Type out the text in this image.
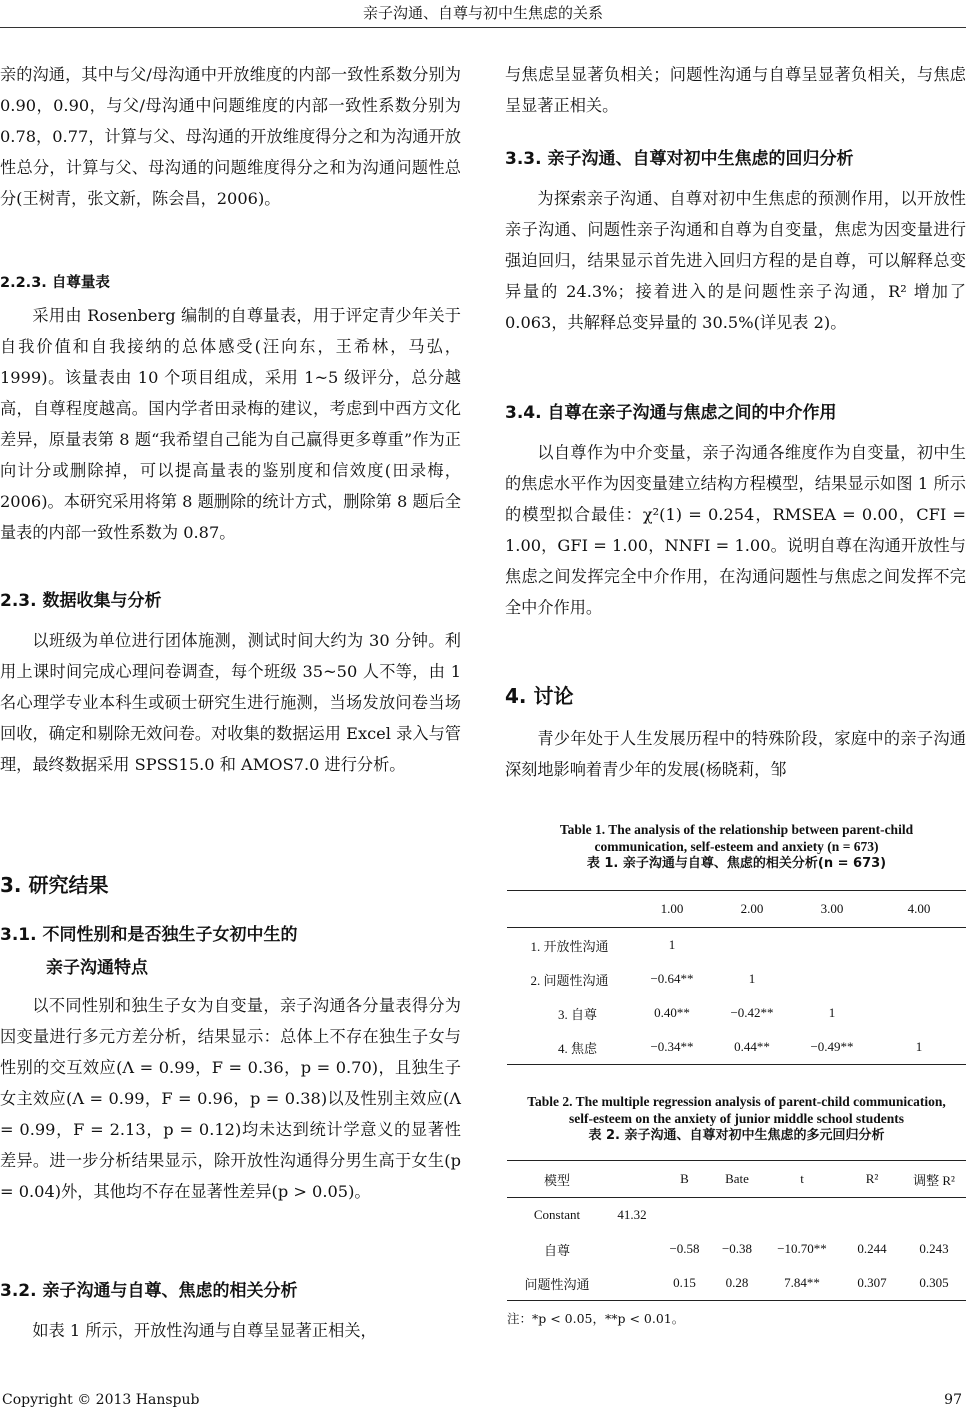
亲子沟通、自尊与初中生焦虑的关系

亲的沟通，其中与父/母沟通中开放维度的内部一致性系数分别为 0.90，0.90，与父/母沟通中问题维度的内部一致性系数分别为 0.78，0.77，计算与父、母沟通的开放维度得分之和为沟通开放性总分，计算与父、母沟通的问题维度得分之和为沟通问题性总分(王树青，张文新，陈会昌，2006)。

2.2.3. 自尊量表

采用由 Rosenberg 编制的自尊量表，用于评定青少年关于自我价值和自我接纳的总体感受(汪向东，王希林，马弘，1999)。该量表由 10 个项目组成，采用 1~5 级评分，总分越高，自尊程度越高。国内学者田录梅的建议，考虑到中西方文化差异，原量表第 8 题“我希望自己能为自己赢得更多尊重”作为正向计分或删除掉，可以提高量表的鉴别度和信效度(田录梅，2006)。本研究采用将第 8 题删除的统计方式，删除第 8 题后全量表的内部一致性系数为 0.87。

2.3. 数据收集与分析

以班级为单位进行团体施测，测试时间大约为 30 分钟。利用上课时间完成心理问卷调查，每个班级 35~50 人不等，由 1 名心理学专业本科生或硕士研究生进行施测，当场发放问卷当场回收，确定和剔除无效问卷。对收集的数据运用 Excel 录入与管理，最终数据采用 SPSS15.0 和 AMOS7.0 进行分析。

3. 研究结果

3.1. 不同性别和是否独生子女初中生的

亲子沟通特点

以不同性别和独生子女为自变量，亲子沟通各分量表得分为因变量进行多元方差分析，结果显示：总体上不存在独生子女与性别的交互效应(Λ = 0.99，F = 0.36，p = 0.70)，且独生子女主效应(Λ = 0.99，F = 0.96，p = 0.38)以及性别主效应(Λ = 0.99，F = 2.13，p = 0.12)均未达到统计学意义的显著性差异。进一步分析结果显示，除开放性沟通得分男生高于女生(p = 0.04)外，其他均不存在显著性差异(p > 0.05)。

3.2. 亲子沟通与自尊、焦虑的相关分析

如表 1 所示，开放性沟通与自尊呈显著正相关，

与焦虑呈显著负相关；问题性沟通与自尊呈显著负相关，与焦虑呈显著正相关。

3.3. 亲子沟通、自尊对初中生焦虑的回归分析

为探索亲子沟通、自尊对初中生焦虑的预测作用，以开放性亲子沟通、问题性亲子沟通和自尊为自变量，焦虑为因变量进行强迫回归，结果显示首先进入回归方程的是自尊，可以解释总变异量的 24.3%；接着进入的是问题性亲子沟通，R² 增加了 0.063，共解释总变异量的 30.5%(详见表 2)。

3.4. 自尊在亲子沟通与焦虑之间的中介作用

以自尊作为中介变量，亲子沟通各维度作为自变量，初中生的焦虑水平作为因变量建立结构方程模型，结果显示如图 1 所示的模型拟合最佳：χ²(1) = 0.254，RMSEA = 0.00，CFI = 1.00，GFI = 1.00，NNFI = 1.00。说明自尊在沟通开放性与焦虑之间发挥完全中介作用，在沟通问题性与焦虑之间发挥不完全中介作用。

4. 讨论

青少年处于人生发展历程中的特殊阶段，家庭中的亲子沟通深刻地影响着青少年的发展(杨晓莉，邹

Table 1. The analysis of the relationship between parent-child communication, self-esteem and anxiety (n = 673)
表 1. 亲子沟通与自尊、焦虑的相关分析(n = 673)
	1.00	2.00	3.00	4.00
1. 开放性沟通	1			
2. 问题性沟通	−0.64**	1		
3. 自尊	0.40**	−0.42**	1	
4. 焦虑	−0.34**	0.44**	−0.49**	1
Table 2. The multiple regression analysis of parent-child communication, self-esteem on the anxiety of junior middle school students
表 2. 亲子沟通、自尊对初中生焦虑的多元回归分析
模型		B	Bate	t	R²	调整 R²
Constant	41.32					
自尊		−0.58	−0.38	−10.70**	0.244	0.243
问题性沟通		0.15	0.28	7.84**	0.307	0.305
注：*p < 0.05，**p < 0.01。
Copyright © 2013 Hanspub	97
